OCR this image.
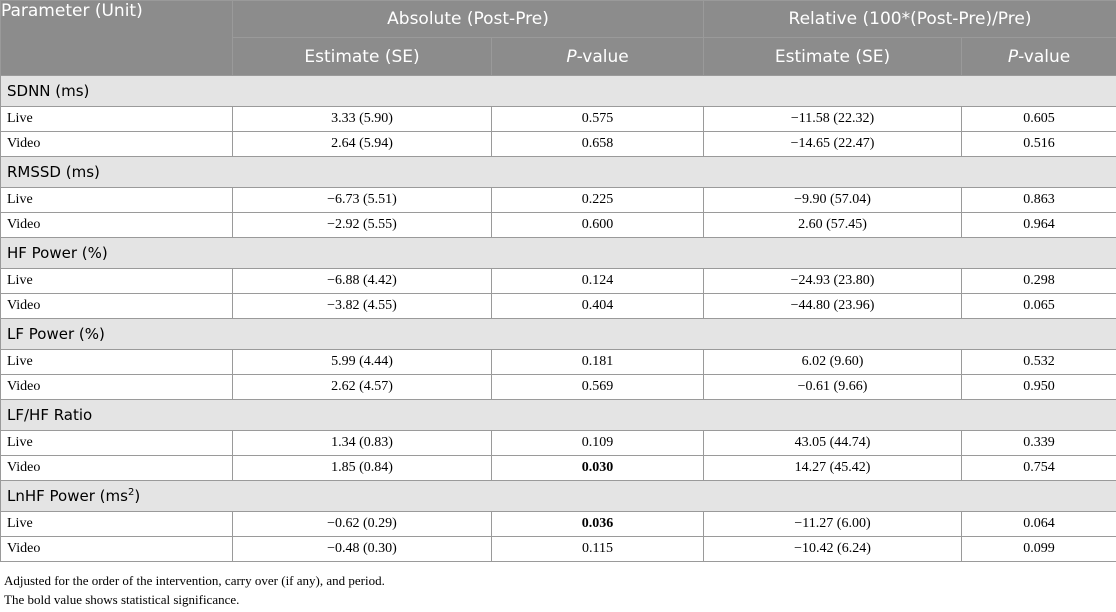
Parameter (Unit)	Absolute (Post-Pre)		Relative (100*(Post-Pre)/Pre)	
	Estimate (SE)	P-value	Estimate (SE)	P-value
SDNN (ms)				
Live	3.33 (5.90)	0.575	−11.58 (22.32)	0.605
Video	2.64 (5.94)	0.658	−14.65 (22.47)	0.516
RMSSD (ms)				
Live	−6.73 (5.51)	0.225	−9.90 (57.04)	0.863
Video	−2.92 (5.55)	0.600	2.60 (57.45)	0.964
HF Power (%)				
Live	−6.88 (4.42)	0.124	−24.93 (23.80)	0.298
Video	−3.82 (4.55)	0.404	−44.80 (23.96)	0.065
LF Power (%)				
Live	5.99 (4.44)	0.181	6.02 (9.60)	0.532
Video	2.62 (4.57)	0.569	−0.61 (9.66)	0.950
LF/HF Ratio				
Live	1.34 (0.83)	0.109	43.05 (44.74)	0.339
Video	1.85 (0.84)	0.030	14.27 (45.42)	0.754
LnHF Power $(ms^2)$				
Live	−0.62 (0.29)	0.036	−11.27 (6.00)	0.064
Video	−0.48 (0.30)	0.115	−10.42 (6.24)	0.099
Adjusted for the order of the intervention, carry over (if any), and period.
The bold value shows statistical significance.
